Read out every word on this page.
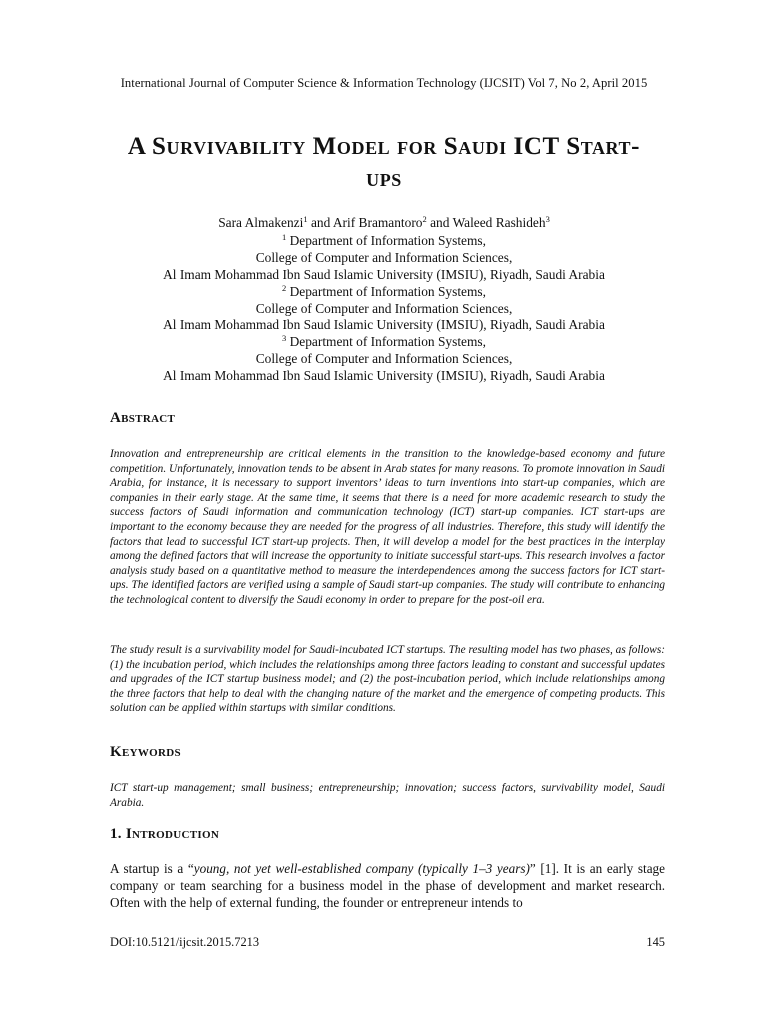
International Journal of Computer Science & Information Technology (IJCSIT) Vol 7, No 2, April 2015
A Survivability Model for Saudi ICT Start-
ups
Sara Almakenzi$^1$ and Arif Bramantoro$^2$ and Waleed Rashideh$^3$
$^1$ Department of Information Systems,
College of Computer and Information Sciences,
Al Imam Mohammad Ibn Saud Islamic University (IMSIU), Riyadh, Saudi Arabia
$^2$ Department of Information Systems,
College of Computer and Information Sciences,
Al Imam Mohammad Ibn Saud Islamic University (IMSIU), Riyadh, Saudi Arabia
$^3$ Department of Information Systems,
College of Computer and Information Sciences,
Al Imam Mohammad Ibn Saud Islamic University (IMSIU), Riyadh, Saudi Arabia
Abstract

Innovation and entrepreneurship are critical elements in the transition to the knowledge-based economy and future competition. Unfortunately, innovation tends to be absent in Arab states for many reasons. To promote innovation in Saudi Arabia, for instance, it is necessary to support inventors’ ideas to turn inventions into start-up companies, which are companies in their early stage. At the same time, it seems that there is a need for more academic research to study the success factors of Saudi information and communication technology (ICT) start-up companies. ICT start-ups are important to the economy because they are needed for the progress of all industries. Therefore, this study will identify the factors that lead to successful ICT start-up projects. Then, it will develop a model for the best practices in the interplay among the defined factors that will increase the opportunity to initiate successful start-ups. This research involves a factor analysis study based on a quantitative method to measure the interdependences among the success factors for ICT start-ups. The identified factors are verified using a sample of Saudi start-up companies. The study will contribute to enhancing the technological content to diversify the Saudi economy in order to prepare for the post-oil era.

The study result is a survivability model for Saudi-incubated ICT startups. The resulting model has two phases, as follows: (1) the incubation period, which includes the relationships among three factors leading to constant and successful updates and upgrades of the ICT startup business model; and (2) the post-incubation period, which include relationships among the three factors that help to deal with the changing nature of the market and the emergence of competing products. This solution can be applied within startups with similar conditions.

Keywords

ICT start-up management; small business; entrepreneurship; innovation; success factors, survivability model, Saudi Arabia.

1. Introduction

A startup is a “young, not yet well-established company (typically 1–3 years)” [1]. It is an early stage company or team searching for a business model in the phase of development and market research. Often with the help of external funding, the founder or entrepreneur intends to

DOI:10.5121/ijcsit.2015.7213	145
